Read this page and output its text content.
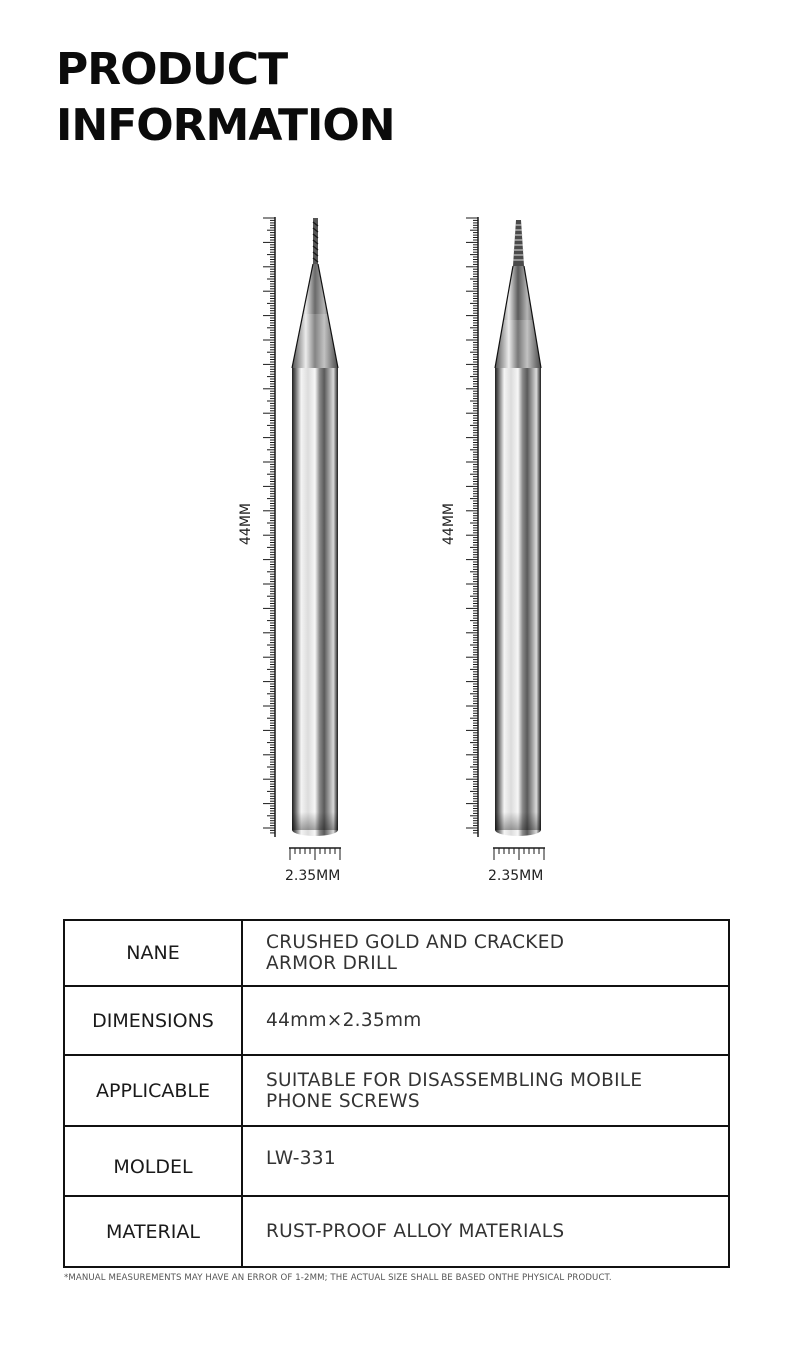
PRODUCT
INFORMATION
44MM
2.35MM
44MM
2.35MM
NANE	CRUSHED GOLD AND CRACKED
ARMOR DRILL
DIMENSIONS	44mm×2.35mm
APPLICABLE	SUITABLE FOR DISASSEMBLING MOBILE
PHONE SCREWS
MOLDEL	LW-331
MATERIAL	RUST-PROOF ALLOY MATERIALS
*MANUAL MEASUREMENTS MAY HAVE AN ERROR OF 1-2MM; THE ACTUAL SIZE SHALL BE BASED ONTHE PHYSICAL PRODUCT.
